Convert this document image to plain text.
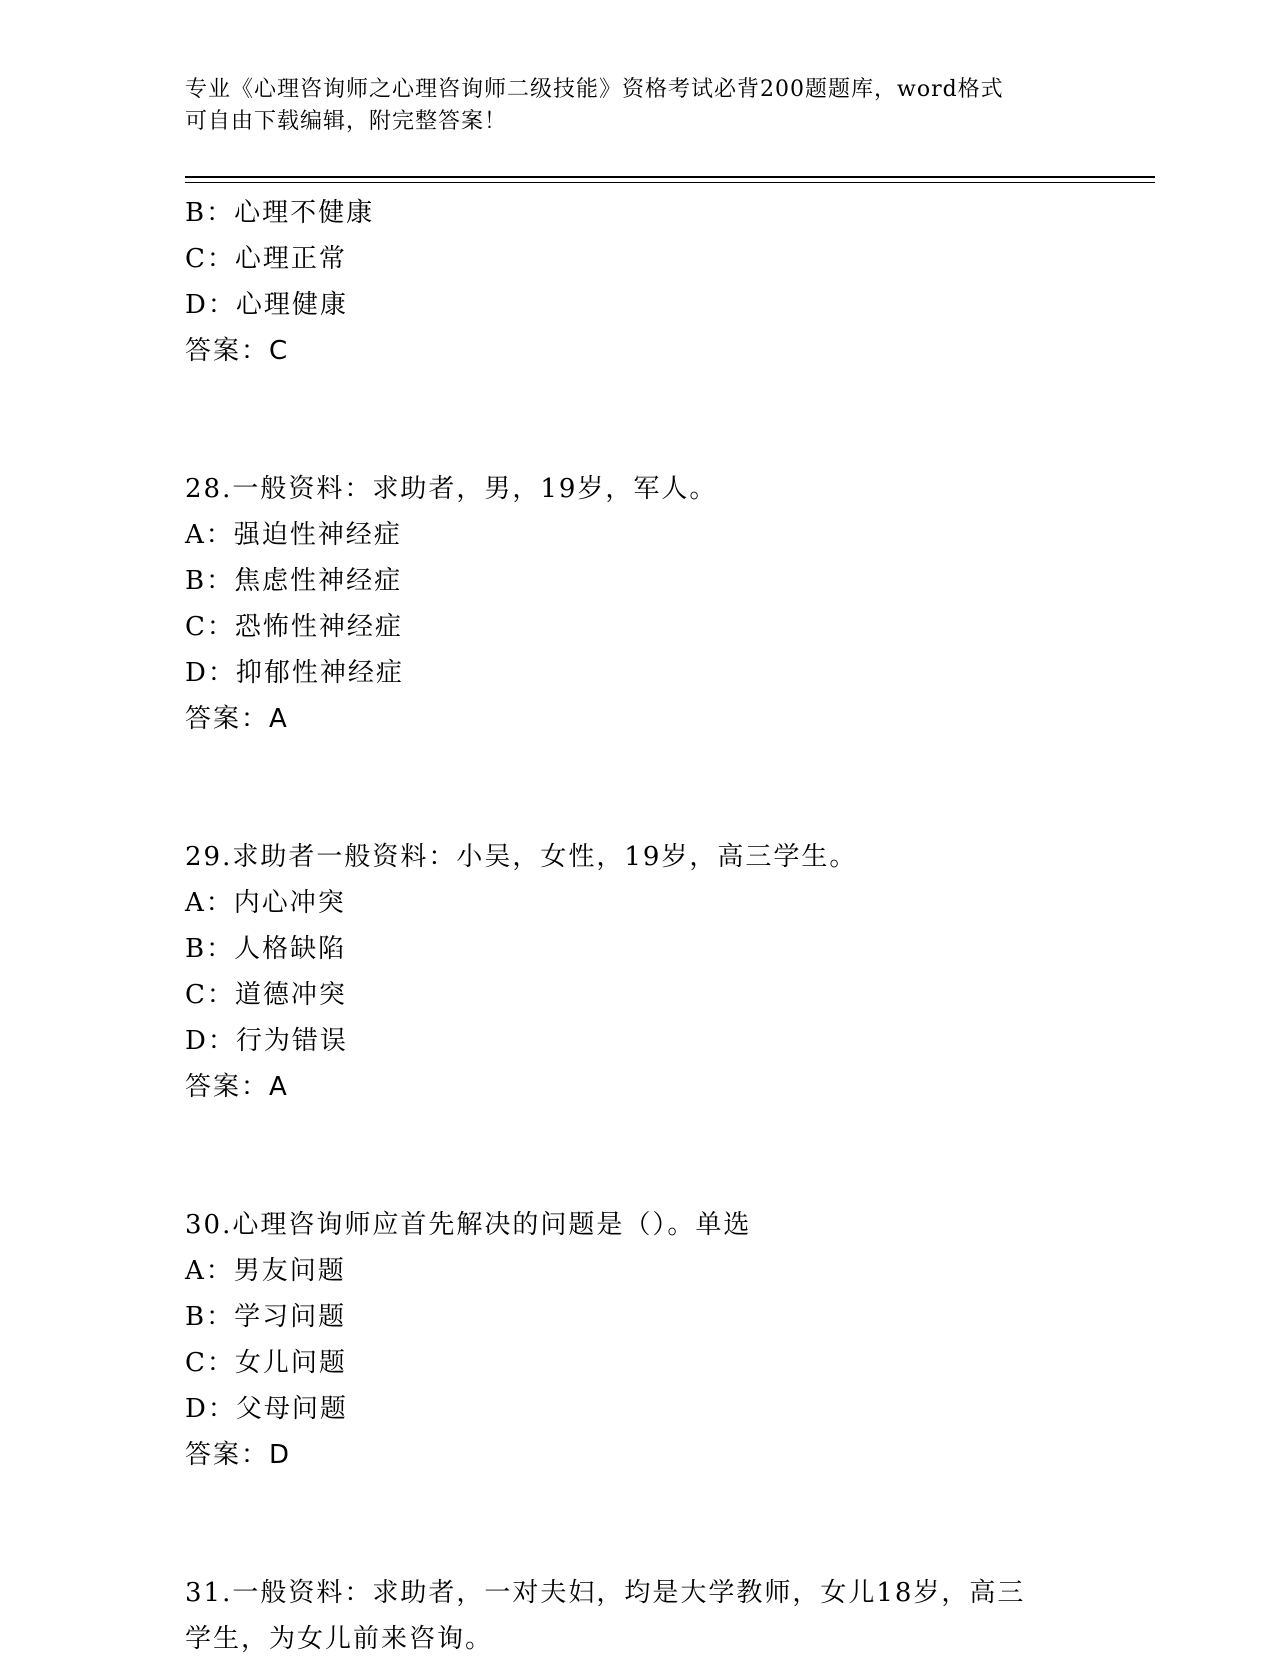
专业《心理咨询师之心理咨询师二级技能》资格考试必背200题题库，word格式
可自由下载编辑，附完整答案！
B：心理不健康
C：心理正常
D：心理健康
答案：C
28.一般资料：求助者，男，19岁，军人。
A：强迫性神经症
B：焦虑性神经症
C：恐怖性神经症
D：抑郁性神经症
答案：A
29.求助者一般资料：小吴，女性，19岁，高三学生。
A：内心冲突
B：人格缺陷
C：道德冲突
D：行为错误
答案：A
30.心理咨询师应首先解决的问题是（）。单选
A：男友问题
B：学习问题
C：女儿问题
D：父母问题
答案：D
31.一般资料：求助者，一对夫妇，均是大学教师，女儿18岁，高三
学生，为女儿前来咨询。
